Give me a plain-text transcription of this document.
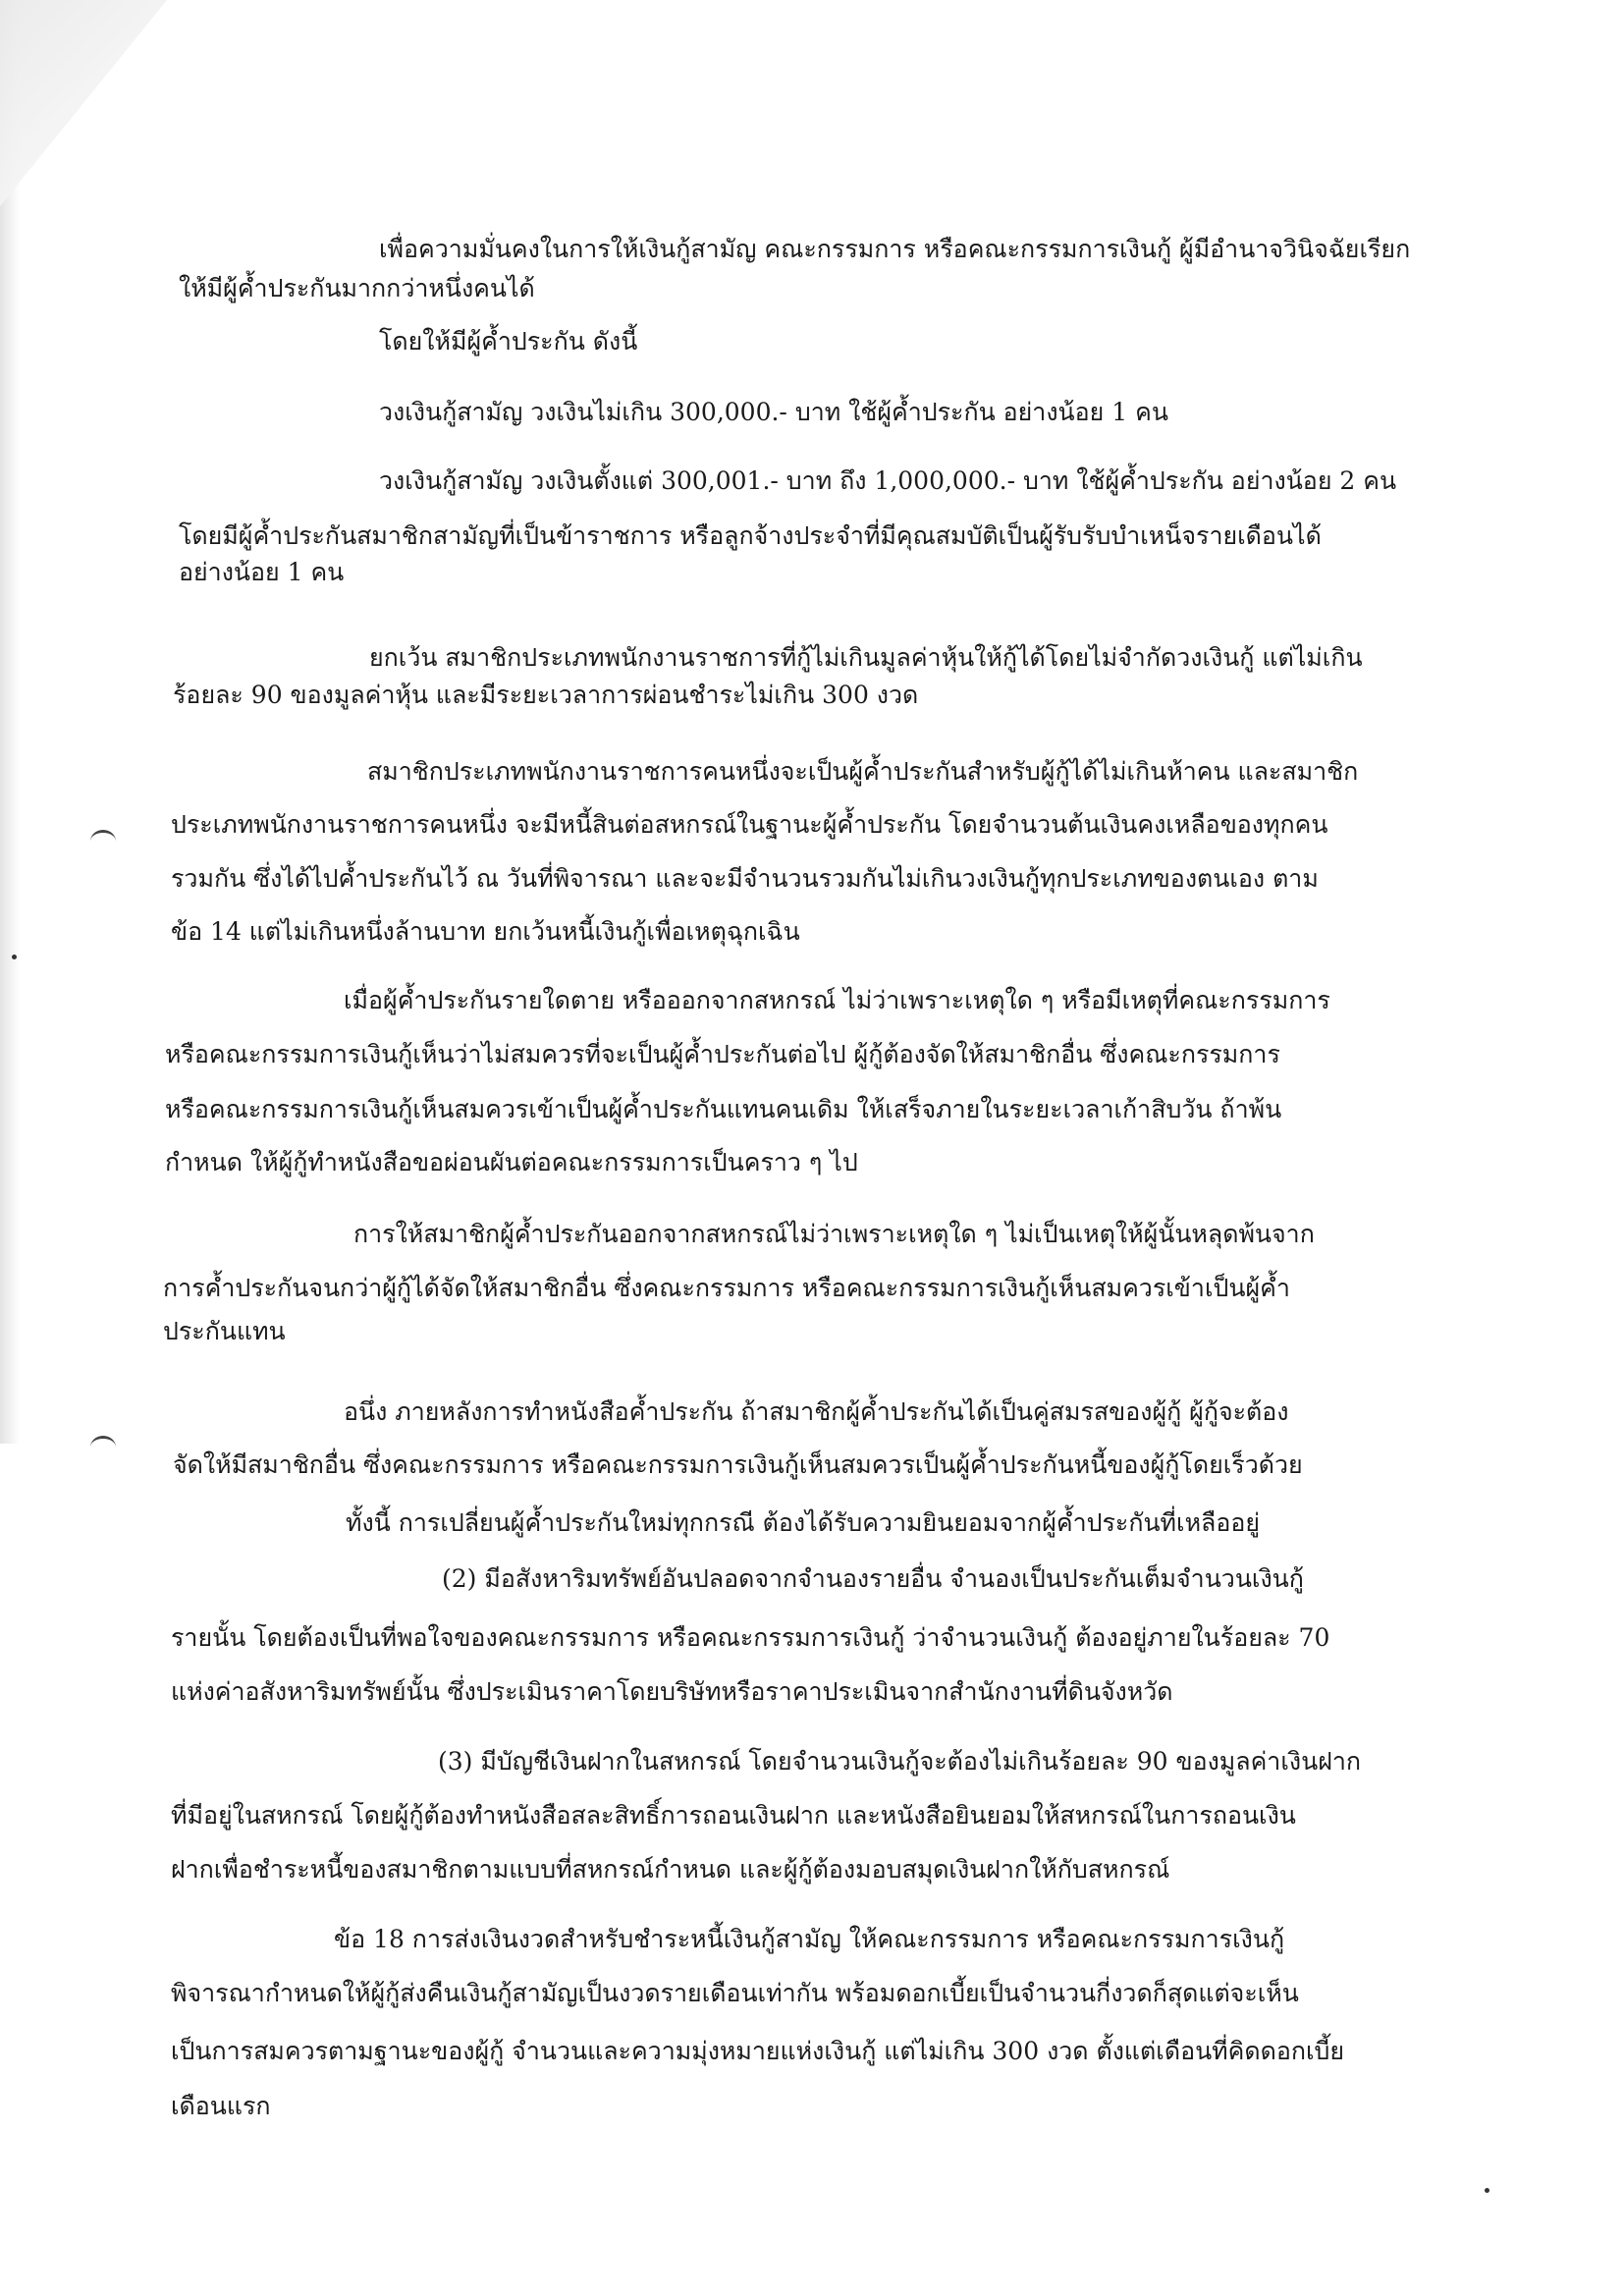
เพื่อความมั่นคงในการให้เงินกู้สามัญ คณะกรรมการ หรือคณะกรรมการเงินกู้ ผู้มีอำนาจวินิจฉัยเรียก

ให้มีผู้ค้ำประกันมากกว่าหนึ่งคนได้

โดยให้มีผู้ค้ำประกัน ดังนี้

วงเงินกู้สามัญ วงเงินไม่เกิน 300,000.- บาท ใช้ผู้ค้ำประกัน อย่างน้อย 1 คน

วงเงินกู้สามัญ วงเงินตั้งแต่ 300,001.- บาท ถึง 1,000,000.- บาท ใช้ผู้ค้ำประกัน อย่างน้อย 2 คน

โดยมีผู้ค้ำประกันสมาชิกสามัญที่เป็นข้าราชการ หรือลูกจ้างประจำที่มีคุณสมบัติเป็นผู้รับรับบำเหน็จรายเดือนได้

อย่างน้อย 1 คน

ยกเว้น สมาชิกประเภทพนักงานราชการที่กู้ไม่เกินมูลค่าหุ้นให้กู้ได้โดยไม่จำกัดวงเงินกู้ แต่ไม่เกิน

ร้อยละ 90 ของมูลค่าหุ้น และมีระยะเวลาการผ่อนชำระไม่เกิน 300 งวด

สมาชิกประเภทพนักงานราชการคนหนึ่งจะเป็นผู้ค้ำประกันสำหรับผู้กู้ได้ไม่เกินห้าคน และสมาชิก

ประเภทพนักงานราชการคนหนึ่ง จะมีหนี้สินต่อสหกรณ์ในฐานะผู้ค้ำประกัน โดยจำนวนต้นเงินคงเหลือของทุกคน

รวมกัน ซึ่งได้ไปค้ำประกันไว้ ณ วันที่พิจารณา และจะมีจำนวนรวมกันไม่เกินวงเงินกู้ทุกประเภทของตนเอง ตาม

ข้อ 14 แต่ไม่เกินหนึ่งล้านบาท ยกเว้นหนี้เงินกู้เพื่อเหตุฉุกเฉิน

เมื่อผู้ค้ำประกันรายใดตาย หรือออกจากสหกรณ์ ไม่ว่าเพราะเหตุใด ๆ หรือมีเหตุที่คณะกรรมการ

หรือคณะกรรมการเงินกู้เห็นว่าไม่สมควรที่จะเป็นผู้ค้ำประกันต่อไป ผู้กู้ต้องจัดให้สมาชิกอื่น ซึ่งคณะกรรมการ

หรือคณะกรรมการเงินกู้เห็นสมควรเข้าเป็นผู้ค้ำประกันแทนคนเดิม ให้เสร็จภายในระยะเวลาเก้าสิบวัน ถ้าพ้น

กำหนด ให้ผู้กู้ทำหนังสือขอผ่อนผันต่อคณะกรรมการเป็นคราว ๆ ไป

การให้สมาชิกผู้ค้ำประกันออกจากสหกรณ์ไม่ว่าเพราะเหตุใด ๆ ไม่เป็นเหตุให้ผู้นั้นหลุดพ้นจาก

การค้ำประกันจนกว่าผู้กู้ได้จัดให้สมาชิกอื่น ซึ่งคณะกรรมการ หรือคณะกรรมการเงินกู้เห็นสมควรเข้าเป็นผู้ค้ำ

ประกันแทน

อนึ่ง ภายหลังการทำหนังสือค้ำประกัน ถ้าสมาชิกผู้ค้ำประกันได้เป็นคู่สมรสของผู้กู้ ผู้กู้จะต้อง

จัดให้มีสมาชิกอื่น ซึ่งคณะกรรมการ หรือคณะกรรมการเงินกู้เห็นสมควรเป็นผู้ค้ำประกันหนี้ของผู้กู้โดยเร็วด้วย

ทั้งนี้ การเปลี่ยนผู้ค้ำประกันใหม่ทุกกรณี ต้องได้รับความยินยอมจากผู้ค้ำประกันที่เหลืออยู่

(2) มีอสังหาริมทรัพย์อันปลอดจากจำนองรายอื่น จำนองเป็นประกันเต็มจำนวนเงินกู้

รายนั้น โดยต้องเป็นที่พอใจของคณะกรรมการ หรือคณะกรรมการเงินกู้ ว่าจำนวนเงินกู้ ต้องอยู่ภายในร้อยละ 70

แห่งค่าอสังหาริมทรัพย์นั้น ซึ่งประเมินราคาโดยบริษัทหรือราคาประเมินจากสำนักงานที่ดินจังหวัด

(3) มีบัญชีเงินฝากในสหกรณ์ โดยจำนวนเงินกู้จะต้องไม่เกินร้อยละ 90 ของมูลค่าเงินฝาก

ที่มีอยู่ในสหกรณ์ โดยผู้กู้ต้องทำหนังสือสละสิทธิ์การถอนเงินฝาก และหนังสือยินยอมให้สหกรณ์ในการถอนเงิน

ฝากเพื่อชำระหนี้ของสมาชิกตามแบบที่สหกรณ์กำหนด และผู้กู้ต้องมอบสมุดเงินฝากให้กับสหกรณ์

ข้อ 18 การส่งเงินงวดสำหรับชำระหนี้เงินกู้สามัญ ให้คณะกรรมการ หรือคณะกรรมการเงินกู้

พิจารณากำหนดให้ผู้กู้ส่งคืนเงินกู้สามัญเป็นงวดรายเดือนเท่ากัน พร้อมดอกเบี้ยเป็นจำนวนกี่งวดก็สุดแต่จะเห็น

เป็นการสมควรตามฐานะของผู้กู้ จำนวนและความมุ่งหมายแห่งเงินกู้ แต่ไม่เกิน 300 งวด ตั้งแต่เดือนที่คิดดอกเบี้ย

เดือนแรก
